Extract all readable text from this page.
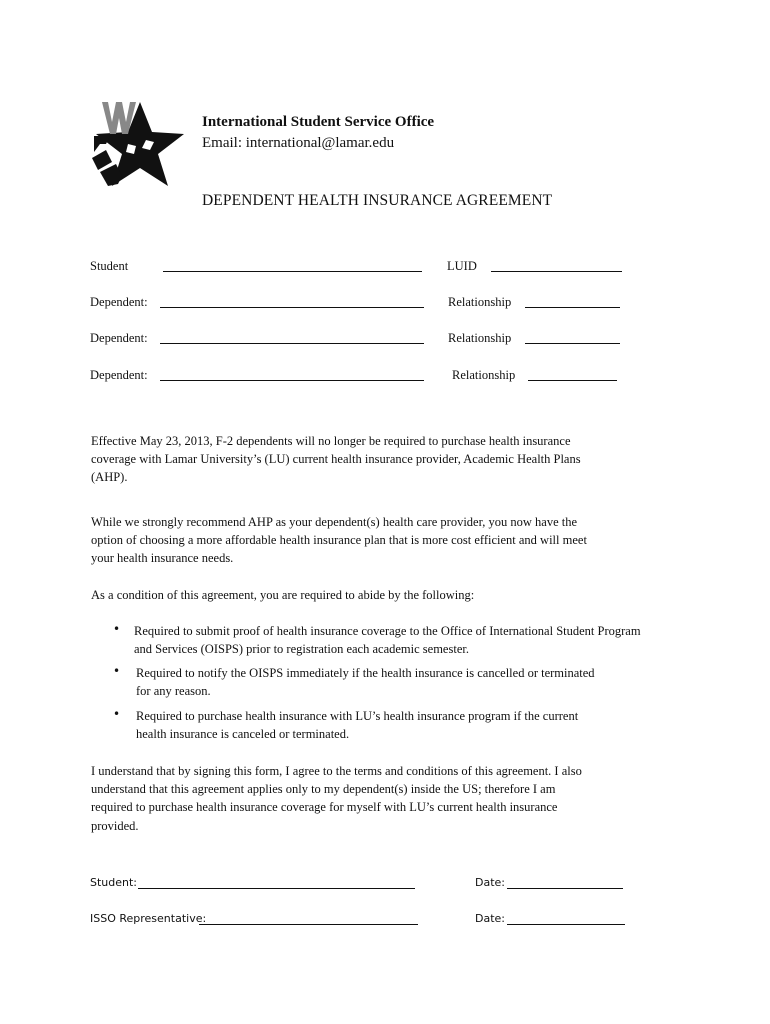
International Student Service Office
Email: international@lamar.edu
DEPENDENT HEALTH INSURANCE AGREEMENT
Student	LUID
Dependent:	Relationship
Dependent:	Relationship
Dependent:	Relationship
Effective May 23, 2013, F-2 dependents will no longer be required to purchase health insurance
coverage with Lamar University’s (LU) current health insurance provider, Academic Health Plans
(AHP).
While we strongly recommend AHP as your dependent(s) health care provider, you now have the
option of choosing a more affordable health insurance plan that is more cost efficient and will meet
your health insurance needs.
As a condition of this agreement, you are required to abide by the following:
• Required to submit proof of health insurance coverage to the Office of International Student Program
and Services (OISPS) prior to registration each academic semester.
• Required to notify the OISPS immediately if the health insurance is cancelled or terminated
for any reason.
• Required to purchase health insurance with LU’s health insurance program if the current
health insurance is canceled or terminated.
I understand that by signing this form, I agree to the terms and conditions of this agreement. I also
understand that this agreement applies only to my dependent(s) inside the US; therefore I am
required to purchase health insurance coverage for myself with LU’s current health insurance
provided.
Student:	Date:
ISSO Representative:	Date:
